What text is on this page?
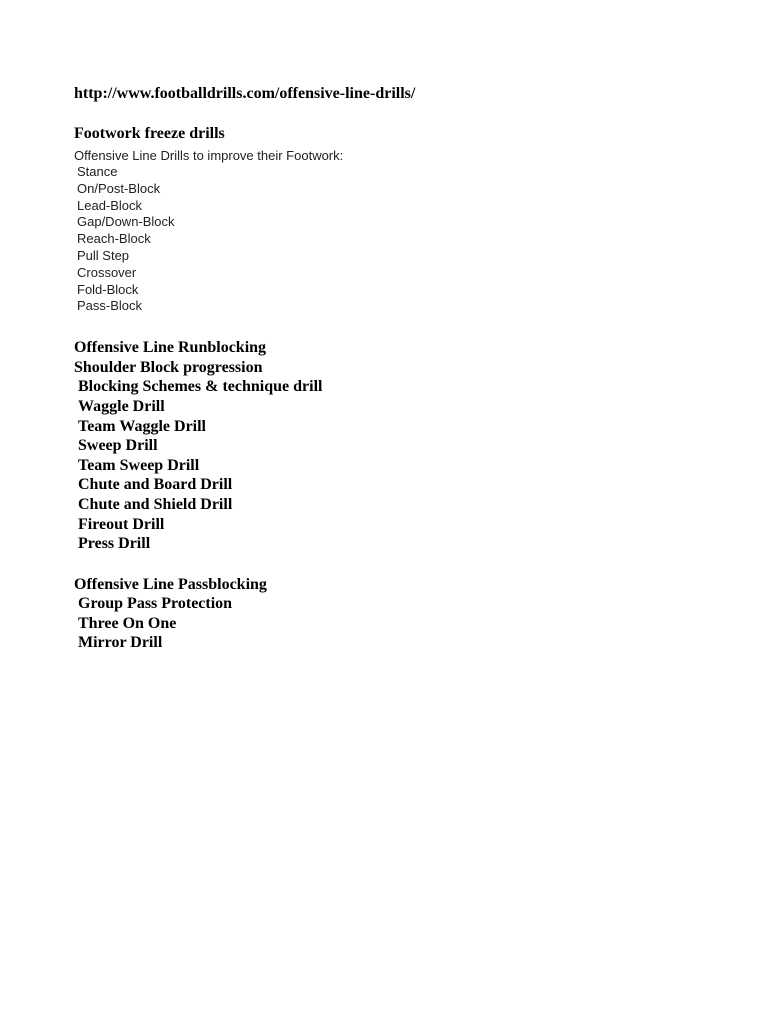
http://www.footballdrills.com/offensive-line-drills/

Footwork freeze drills

Offensive Line Drills to improve their Footwork:

Stance
On/Post-Block
Lead-Block
Gap/Down-Block
Reach-Block
Pull Step
Crossover
Fold-Block
Pass-Block

Offensive Line Runblocking

Shoulder Block progression

Blocking Schemes & technique drill
Waggle Drill
Team Waggle Drill
Sweep Drill
Team Sweep Drill
Chute and Board Drill
Chute and Shield Drill
Fireout Drill
Press Drill

Offensive Line Passblocking

Group Pass Protection
Three On One
Mirror Drill
